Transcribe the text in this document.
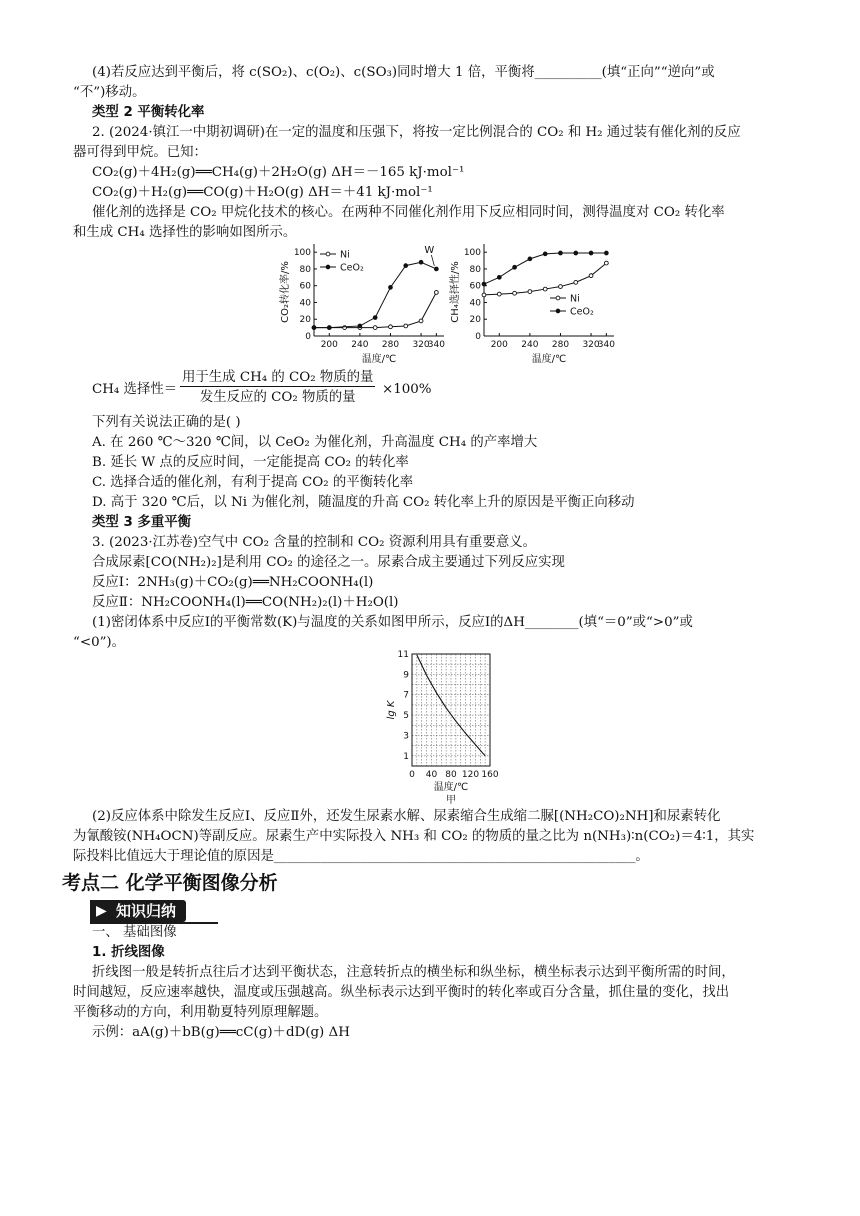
(4)若反应达到平衡后，将 c(SO₂)、c(O₂)、c(SO₃)同时增大 1 倍，平衡将__________(填“正向”“逆向”或
“不”)移动。
类型 2 平衡转化率
2. (2024·镇江一中期初调研)在一定的温度和压强下，将按一定比例混合的 CO₂ 和 H₂ 通过装有催化剂的反应
器可得到甲烷。已知：
CO₂(g)＋4H₂(g)══CH₄(g)＋2H₂O(g) ΔH＝－165 kJ·mol⁻¹
CO₂(g)＋H₂(g)══CO(g)＋H₂O(g) ΔH＝＋41 kJ·mol⁻¹
催化剂的选择是 CO₂ 甲烷化技术的核心。在两种不同催化剂作用下反应相同时间，测得温度对 CO₂ 转化率
和生成 CH₄ 选择性的影响如图所示。
0
20
40
60
80
100
200 240 280 320
340
温度/℃
CO₂转化率/%
Ni
CeO₂
W
0
20
40
60
80
100
200 240 280 320
340
温度/℃
CH₄选择性/%	Ni
CeO₂
CH₄ 选择性＝
用于生成 CH₄ 的 CO₂ 物质的量
发生反应的 CO₂ 物质的量
×100%
下列有关说法正确的是( )
A. 在 260 ℃～320 ℃间，以 CeO₂ 为催化剂，升高温度 CH₄ 的产率增大
B. 延长 W 点的反应时间，一定能提高 CO₂ 的转化率
C. 选择合适的催化剂，有利于提高 CO₂ 的平衡转化率
D. 高于 320 ℃后，以 Ni 为催化剂，随温度的升高 CO₂ 转化率上升的原因是平衡正向移动
类型 3 多重平衡
3. (2023·江苏卷)空气中 CO₂ 含量的控制和 CO₂ 资源利用具有重要意义。
合成尿素[CO(NH₂)₂]是利用 CO₂ 的途径之一。尿素合成主要通过下列反应实现
反应Ⅰ：2NH₃(g)＋CO₂(g)══NH₂COONH₄(l)
反应Ⅱ：NH₂COONH₄(l)══CO(NH₂)₂(l)＋H₂O(l)
(1)密闭体系中反应Ⅰ的平衡常数(K)与温度的关系如图甲所示，反应Ⅰ的ΔH________(填“＝0”或“>0”或
“<0”)。
1
3
5
7
9
11
0 40 80 120 160
温度/℃
甲
lg K
(2)反应体系中除发生反应Ⅰ、反应Ⅱ外，还发生尿素水解、尿素缩合生成缩二脲[(NH₂CO)₂NH]和尿素转化
为氰酸铵(NH₄OCN)等副反应。尿素生产中实际投入 NH₃ 和 CO₂ 的物质的量之比为 n(NH₃)∶n(CO₂)＝4∶1，其实
际投料比值远大于理论值的原因是______________________________________________________。
考点二 化学平衡图像分析
▶ 知识归纳
一、 基础图像
1. 折线图像
折线图一般是转折点往后才达到平衡状态，注意转折点的横坐标和纵坐标，横坐标表示达到平衡所需的时间，
时间越短，反应速率越快，温度或压强越高。纵坐标表示达到平衡时的转化率或百分含量，抓住量的变化，找出
平衡移动的方向，利用勒夏特列原理解题。
示例：aA(g)＋bB(g)══cC(g)＋dD(g) ΔH
